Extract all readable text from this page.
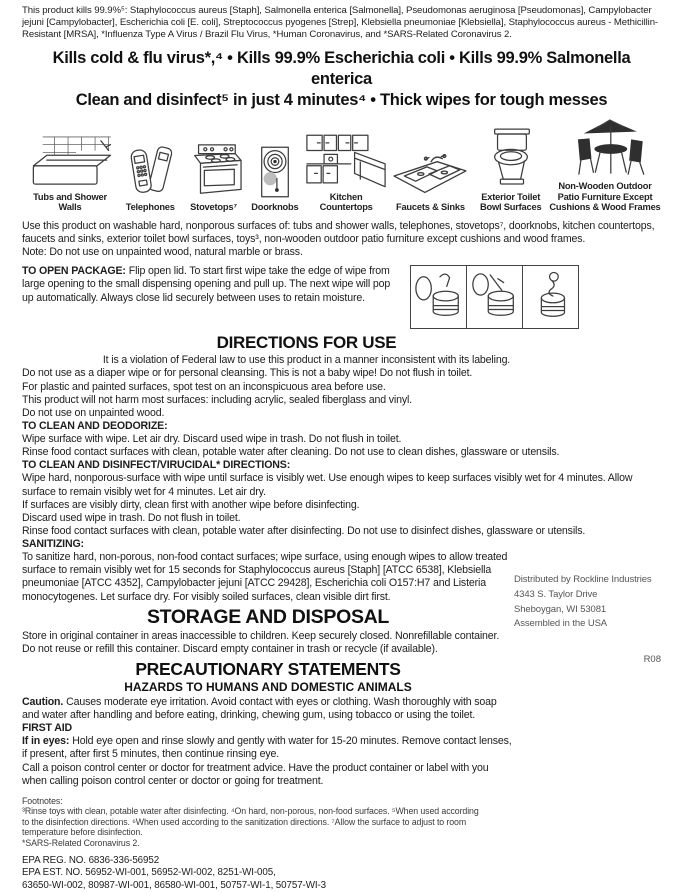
This product kills 99.9%⁵: Staphylococcus aureus [Staph], Salmonella enterica [Salmonella], Pseudomonas aeruginosa [Pseudomonas], Campylobacter jejuni [Campylobacter], Escherichia coli [E. coli], Streptococcus pyogenes [Strep], Klebsiella pneumoniae [Klebsiella], Staphylococcus aureus - Methicillin-Resistant [MRSA], *Influenza Type A Virus / Brazil Flu Virus, *Human Coronavirus, and *SARS-Related Coronavirus 2.
Kills cold & flu virus*,⁴ • Kills 99.9% Escherichia coli • Kills 99.9% Salmonella enterica
Clean and disinfect⁵ in just 4 minutes⁴ • Thick wipes for tough messes
Tubs and Shower Walls	Telephones Stovetops⁷ Doorknobs
Kitchen Countertops	Faucets & Sinks
Exterior Toilet Bowl Surfaces
Non-Wooden Outdoor Patio Furniture Except Cushions & Wood Frames
Use this product on washable hard, nonporous surfaces of: tubs and shower walls, telephones, stovetops⁷, doorknobs, kitchen countertops, faucets and sinks, exterior toilet bowl surfaces, toys³, non-wooden outdoor patio furniture except cushions and wood frames.
Note: Do not use on unpainted wood, natural marble or brass.
TO OPEN PACKAGE: Flip open lid. To start first wipe take the edge of wipe from large opening to the small dispensing opening and pull up. The next wipe will pop up automatically. Always close lid securely between uses to retain moisture.
DIRECTIONS FOR USE
It is a violation of Federal law to use this product in a manner inconsistent with its labeling.
Do not use as a diaper wipe or for personal cleansing. This is not a baby wipe! Do not flush in toilet.
For plastic and painted surfaces, spot test on an inconspicuous area before use.
This product will not harm most surfaces: including acrylic, sealed fiberglass and vinyl.
Do not use on unpainted wood.
TO CLEAN AND DEODORIZE:
Wipe surface with wipe. Let air dry. Discard used wipe in trash. Do not flush in toilet.
Rinse food contact surfaces with clean, potable water after cleaning. Do not use to clean dishes, glassware or utensils.
TO CLEAN AND DISINFECT/VIRUCIDAL* DIRECTIONS:
Wipe hard, nonporous-surface with wipe until surface is visibly wet. Use enough wipes to keep surfaces visibly wet for 4 minutes. Allow surface to remain visibly wet for 4 minutes. Let air dry.
If surfaces are visibly dirty, clean first with another wipe before disinfecting.
Discard used wipe in trash. Do not flush in toilet.
Rinse food contact surfaces with clean, potable water after disinfecting. Do not use to disinfect dishes, glassware or utensils.
SANITIZING:
To sanitize hard, non-porous, non-food contact surfaces; wipe surface, using enough wipes to allow treated surface to remain visibly wet for 15 seconds for Staphylococcus aureus [Staph] [ATCC 6538], Klebsiella pneumoniae [ATCC 4352], Campylobacter jejuni [ATCC 29428], Escherichia coli O157:H7 and Listeria monocytogenes. Let surface dry. For visibly soiled surfaces, clean visible dirt first.
STORAGE AND DISPOSAL
Store in original container in areas inaccessible to children. Keep securely closed. Nonrefillable container. Do not reuse or refill this container. Discard empty container in trash or recycle (if available).
PRECAUTIONARY STATEMENTS
HAZARDS TO HUMANS AND DOMESTIC ANIMALS
Caution. Causes moderate eye irritation. Avoid contact with eyes or clothing. Wash thoroughly with soap and water after handling and before eating, drinking, chewing gum, using tobacco or using the toilet.
FIRST AID
If in eyes: Hold eye open and rinse slowly and gently with water for 15-20 minutes. Remove contact lenses, if present, after first 5 minutes, then continue rinsing eye.
Call a poison control center or doctor for treatment advice. Have the product container or label with you when calling poison control center or doctor or going for treatment.
Distributed by Rockline Industries
4343 S. Taylor Drive
Sheboygan, WI 53081
Assembled in the USA
R08
Footnotes:
³Rinse toys with clean, potable water after disinfecting. ⁴On hard, non-porous, non-food surfaces. ⁵When used according to the disinfection directions. ⁶When used according to the sanitization directions. ⁷Allow the surface to adjust to room temperature before disinfection.
*SARS-Related Coronavirus 2.
EPA REG. NO. 6836-336-56952
EPA EST. NO. 56952-WI-001, 56952-WI-002, 8251-WI-005,
63650-WI-002, 80987-WI-001, 86580-WI-001, 50757-WI-1, 50757-WI-3
